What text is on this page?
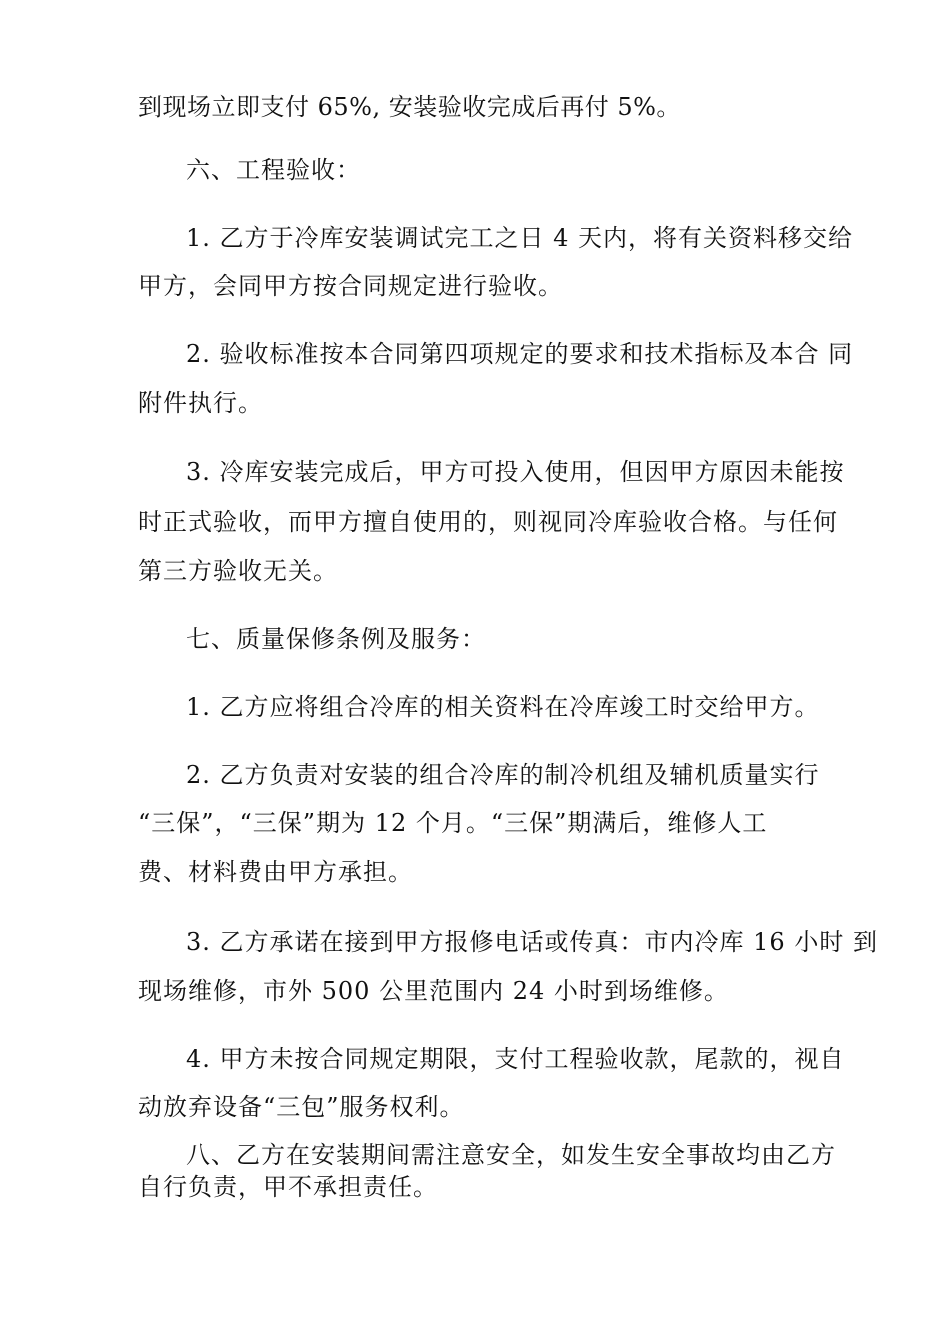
到现场立即支付 65%, 安装验收完成后再付 5%。
六、工程验收：
1. 乙方于冷库安装调试完工之日 4 天内，将有关资料移交给
甲方，会同甲方按合同规定进行验收。
2. 验收标准按本合同第四项规定的要求和技术指标及本合 同
附件执行。
3. 冷库安装完成后，甲方可投入使用，但因甲方原因未能按
时正式验收，而甲方擅自使用的，则视同冷库验收合格。与任何
第三方验收无关。
七、质量保修条例及服务：
1. 乙方应将组合冷库的相关资料在冷库竣工时交给甲方。
2. 乙方负责对安装的组合冷库的制冷机组及辅机质量实行
“三保”，“三保”期为 12 个月。“三保”期满后，维修人工
费、材料费由甲方承担。
3. 乙方承诺在接到甲方报修电话或传真：市内冷库 16 小时 到
现场维修，市外 500 公里范围内 24 小时到场维修。
4. 甲方未按合同规定期限，支付工程验收款，尾款的，视自
动放弃设备“三包”服务权利。
八、乙方在安装期间需注意安全，如发生安全事故均由乙方
自行负责，甲不承担责任。
